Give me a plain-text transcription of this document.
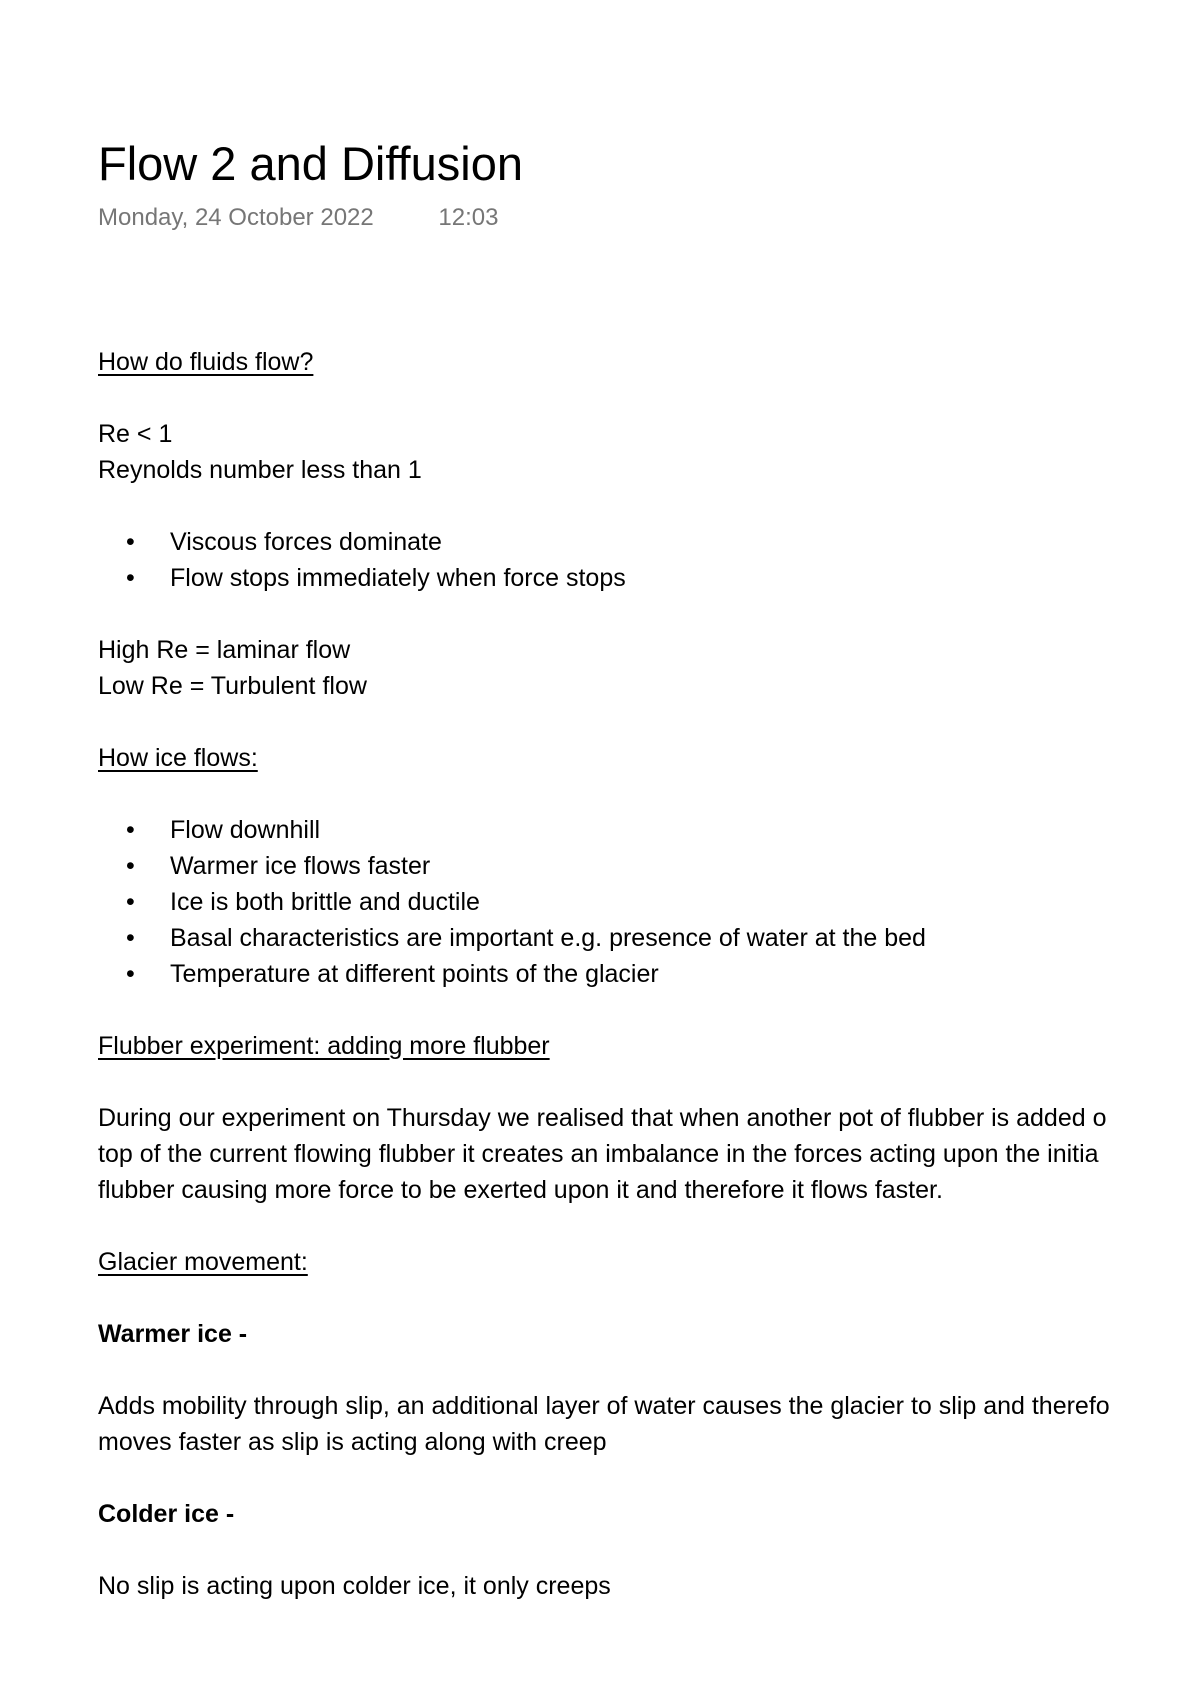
Flow 2 and Diffusion
Monday, 24 October 2022	12:03
How do fluids flow?
Re < 1
Reynolds number less than 1
• Viscous forces dominate
• Flow stops immediately when force stops
High Re = laminar flow
Low Re = Turbulent flow
How ice flows:
• Flow downhill
• Warmer ice flows faster
• Ice is both brittle and ductile
• Basal characteristics are important e.g. presence of water at the bed
• Temperature at different points of the glacier
Flubber experiment: adding more flubber
During our experiment on Thursday we realised that when another pot of flubber is added o
top of the current flowing flubber it creates an imbalance in the forces acting upon the initia
flubber causing more force to be exerted upon it and therefore it flows faster.
Glacier movement:
Warmer ice -
Adds mobility through slip, an additional layer of water causes the glacier to slip and therefo
moves faster as slip is acting along with creep
Colder ice -
No slip is acting upon colder ice, it only creeps
